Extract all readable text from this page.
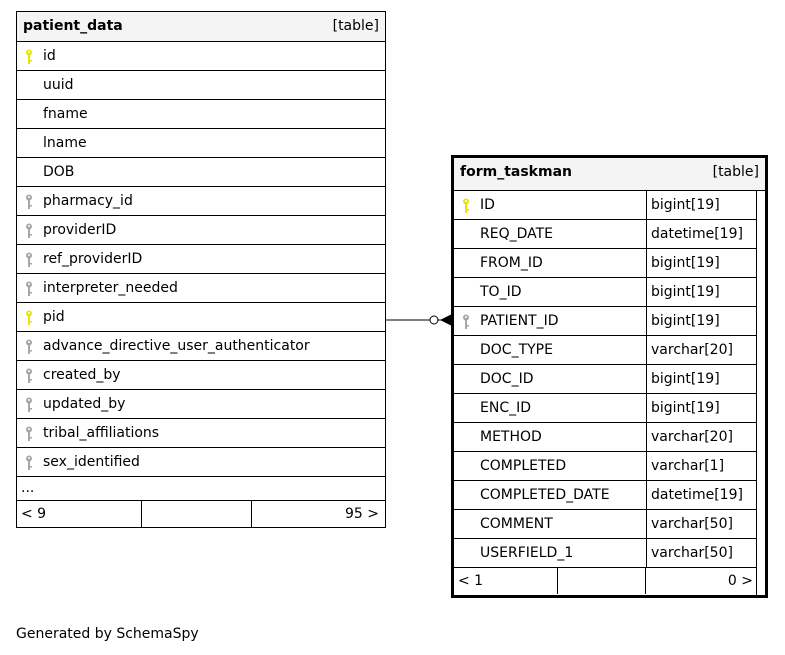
patient_data	[table]
id
uuid
fname
lname
DOB
pharmacy_id
providerID
ref_providerID
interpreter_needed
pid
advance_directive_user_authenticator
created_by
updated_by
tribal_affiliations
sex_identified
...
< 9	95 >
form_taskman	[table]
ID	bigint[19]
REQ_DATE	datetime[19]
FROM_ID	bigint[19]
TO_ID	bigint[19]
PATIENT_ID	bigint[19]
DOC_TYPE	varchar[20]
DOC_ID	bigint[19]
ENC_ID	bigint[19]
METHOD	varchar[20]
COMPLETED	varchar[1]
COMPLETED_DATE	datetime[19]
COMMENT	varchar[50]
USERFIELD_1	varchar[50]
< 1	0 >
Generated by SchemaSpy
